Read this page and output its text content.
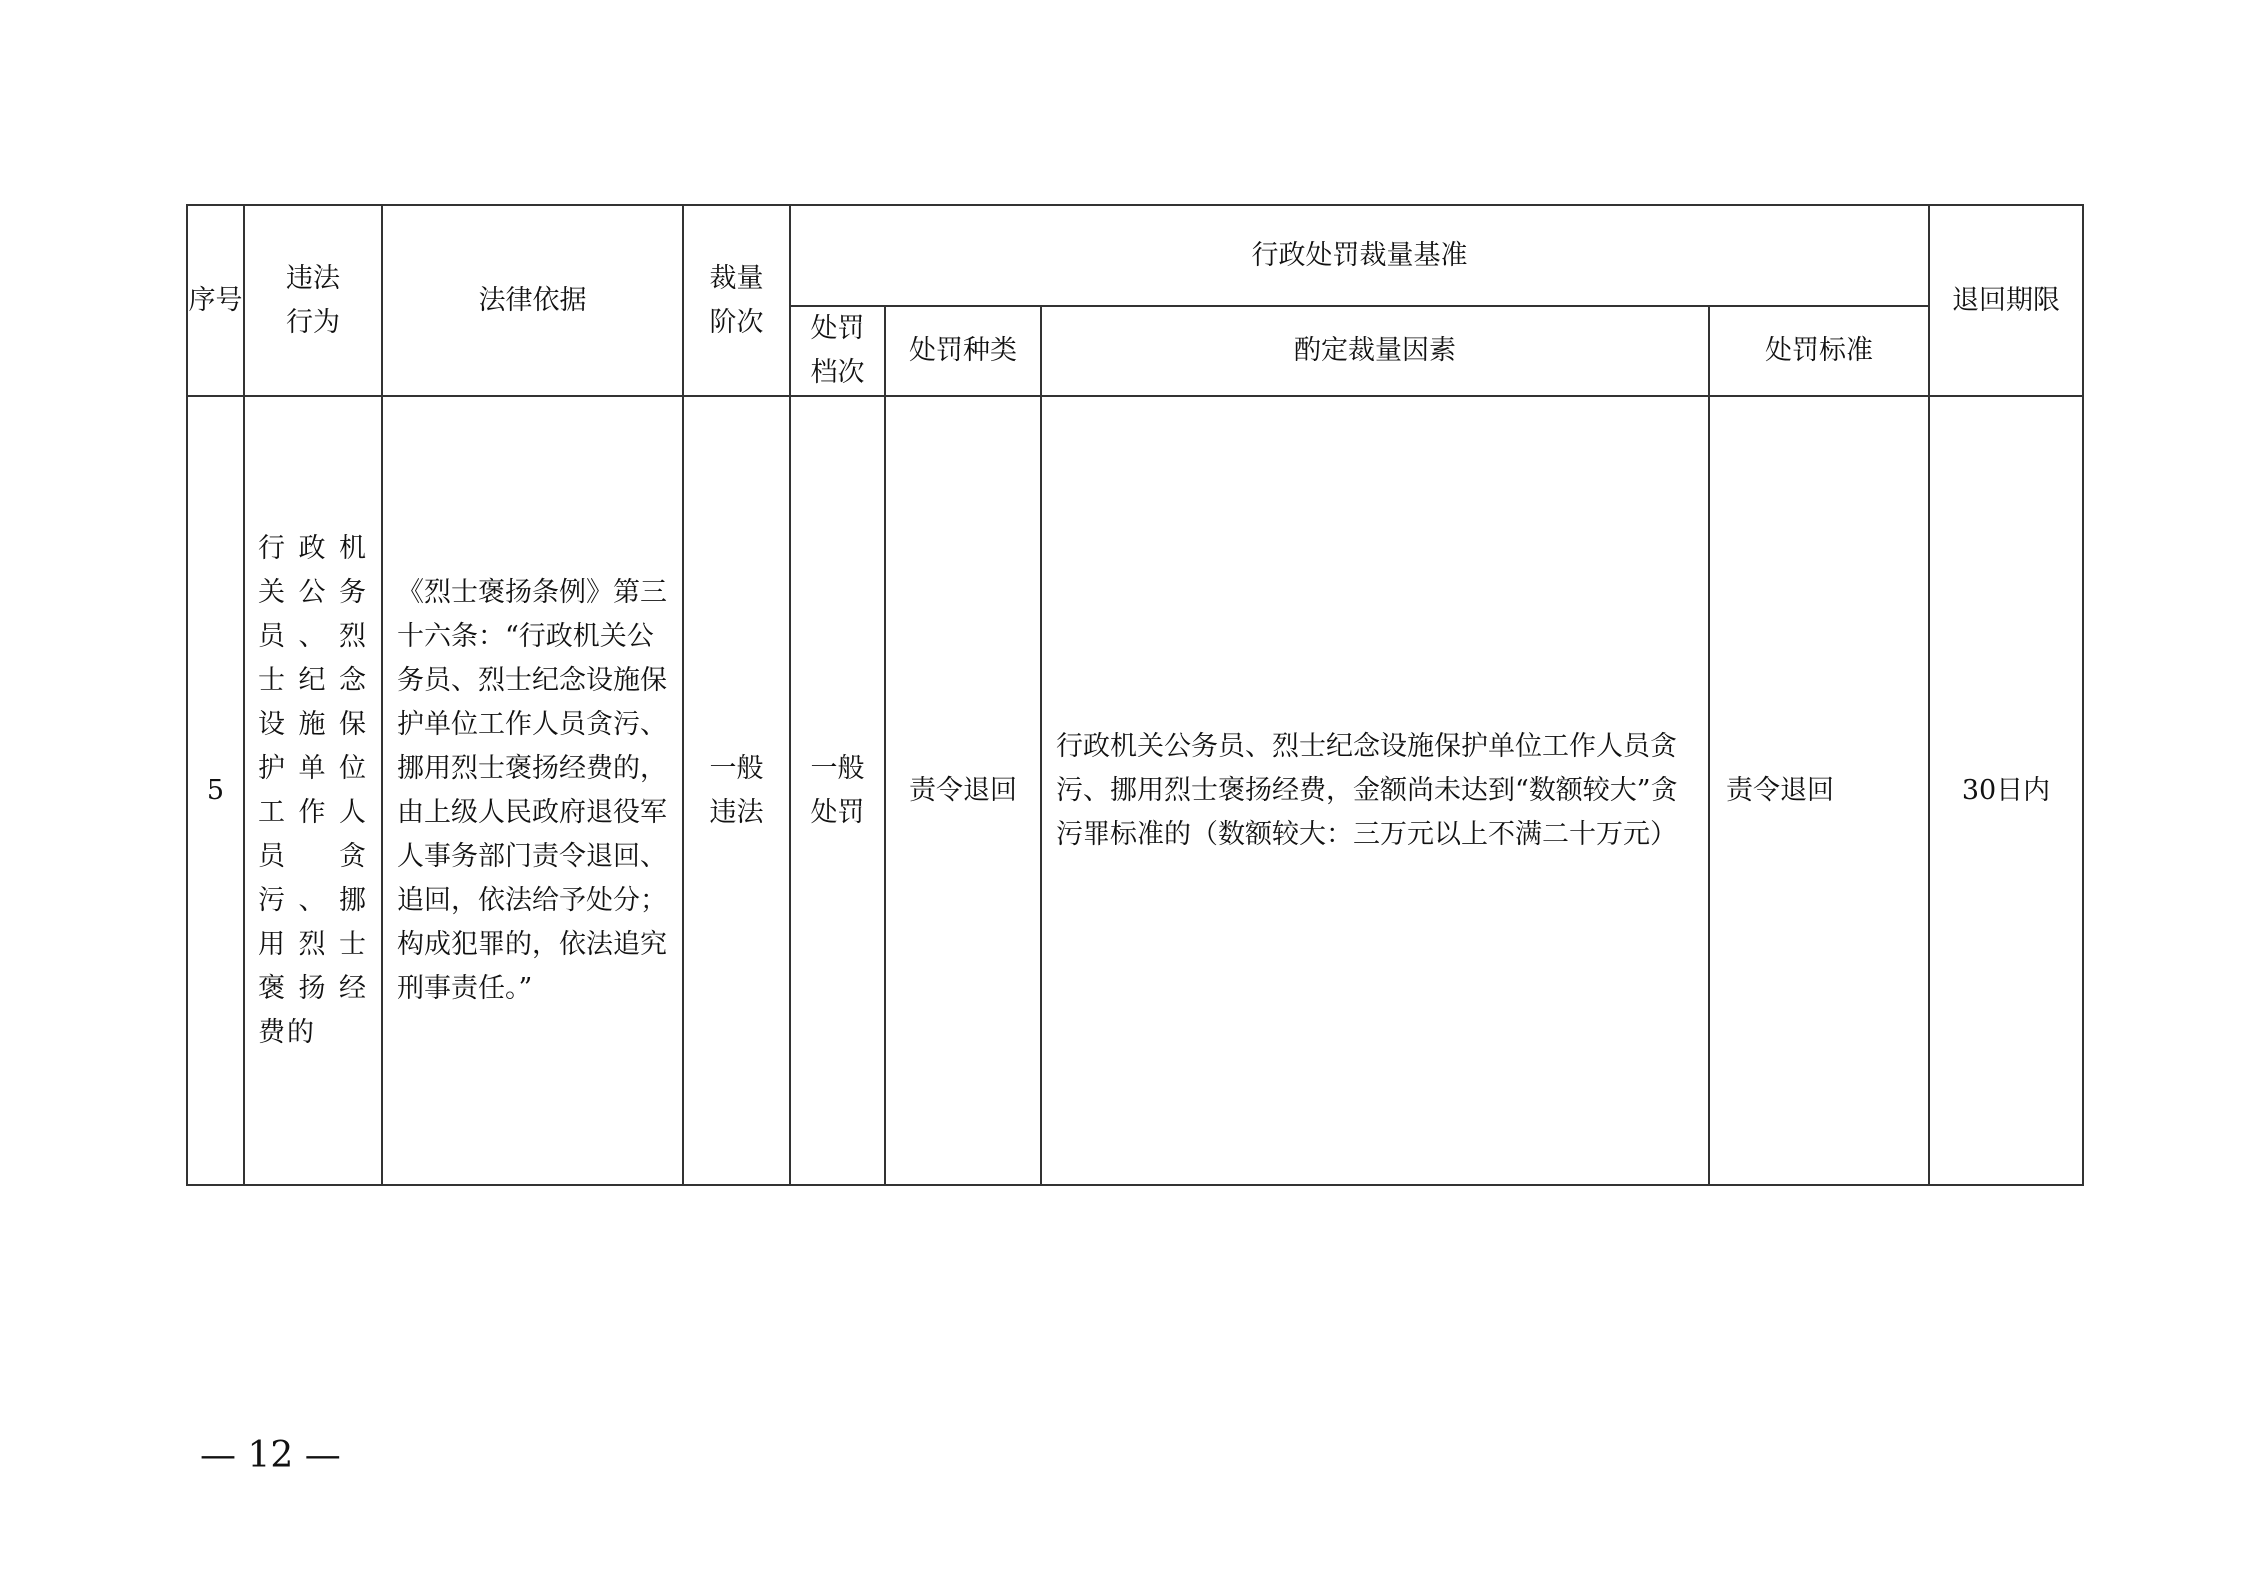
序号	违法行为	法律依据	裁量阶次	行政处罚裁量基准				退回期限

				处罚档次	处罚种类	酌定裁量因素	处罚标准	
5	行政机关公务员、烈士纪念设施保护单位工作人员贪污、挪用烈士褒扬经费的	《烈士褒扬条例》第三十六条：“行政机关公务员、烈士纪念设施保护单位工作人员贪污、挪用烈士褒扬经费的，由上级人民政府退役军人事务部门责令退回、追回，依法给予处分；构成犯罪的，依法追究刑事责任。”	一般违法	一般处罚	责令退回	行政机关公务员、烈士纪念设施保护单位工作人员贪污、挪用烈士褒扬经费，金额尚未达到“数额较大”贪污罪标准的（数额较大：三万元以上不满二十万元）	责令退回	30日内
— 12 —
